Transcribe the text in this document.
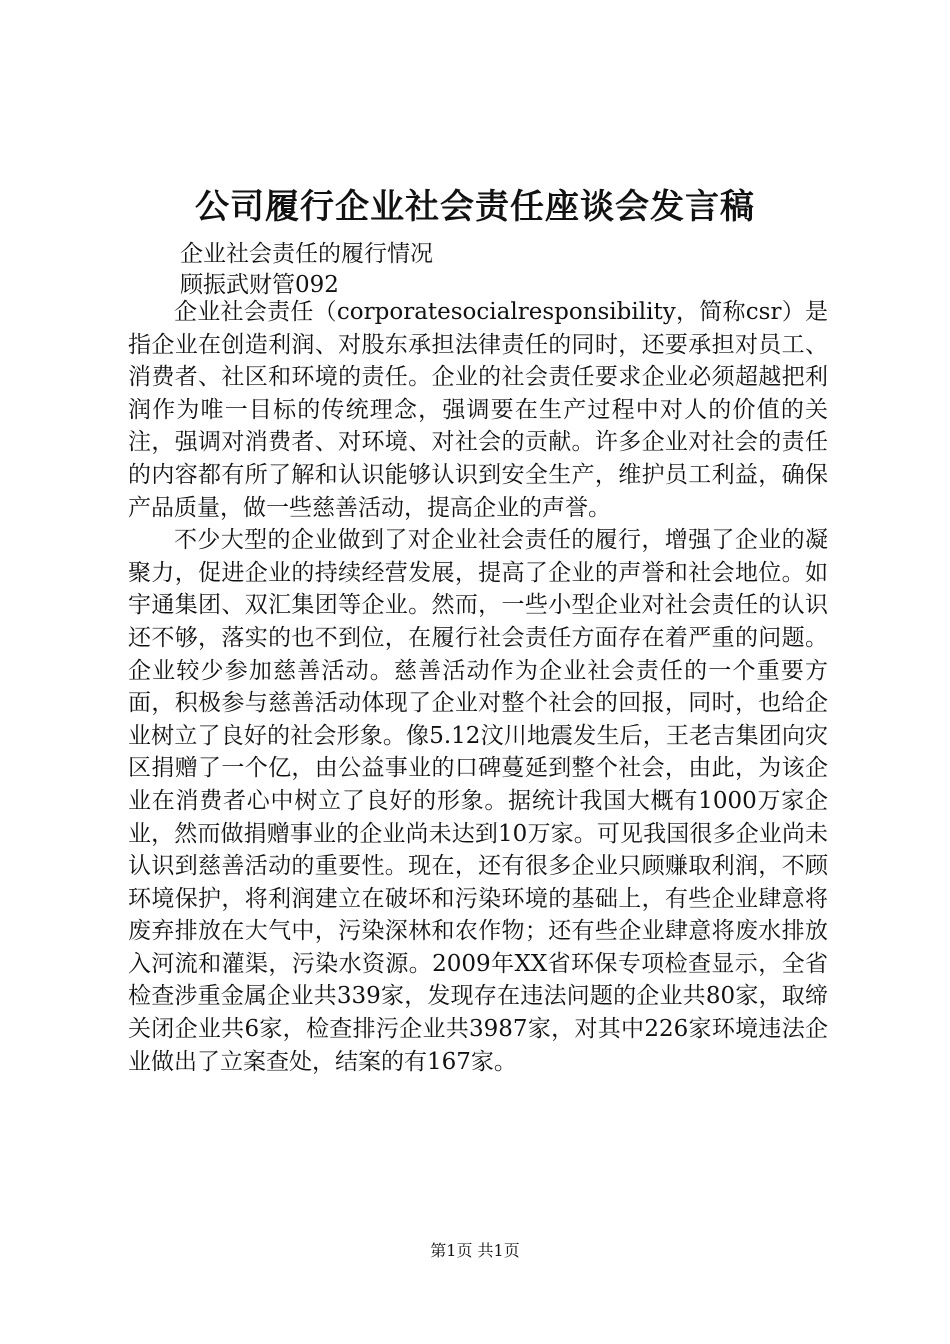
公司履行企业社会责任座谈会发言稿
企业社会责任的履行情况
顾振武财管092

企业社会责任（corporatesocialresponsibility，简称csr）是指企业在创造利润、对股东承担法律责任的同时，还要承担对员工、消费者、社区和环境的责任。企业的社会责任要求企业必须超越把利润作为唯一目标的传统理念，强调要在生产过程中对人的价值的关注，强调对消费者、对环境、对社会的贡献。许多企业对社会的责任的内容都有所了解和认识能够认识到安全生产，维护员工利益，确保产品质量，做一些慈善活动，提高企业的声誉。

不少大型的企业做到了对企业社会责任的履行，增强了企业的凝聚力，促进企业的持续经营发展，提高了企业的声誉和社会地位。如宇通集团、双汇集团等企业。然而，一些小型企业对社会责任的认识还不够，落实的也不到位，在履行社会责任方面存在着严重的问题。企业较少参加慈善活动。慈善活动作为企业社会责任的一个重要方面，积极参与慈善活动体现了企业对整个社会的回报，同时，也给企业树立了良好的社会形象。像5.12汶川地震发生后，王老吉集团向灾区捐赠了一个亿，由公益事业的口碑蔓延到整个社会，由此，为该企业在消费者心中树立了良好的形象。据统计我国大概有1000万家企业，然而做捐赠事业的企业尚未达到10万家。可见我国很多企业尚未认识到慈善活动的重要性。现在，还有很多企业只顾赚取利润，不顾环境保护，将利润建立在破坏和污染环境的基础上，有些企业肆意将废弃排放在大气中，污染深林和农作物；还有些企业肆意将废水排放入河流和灌渠，污染水资源。2009年XX省环保专项检查显示，全省检查涉重金属企业共339家，发现存在违法问题的企业共80家，取缔关闭企业共6家，检查排污企业共3987家，对其中226家环境违法企业做出了立案查处，结案的有167家。

第1页 共1页
